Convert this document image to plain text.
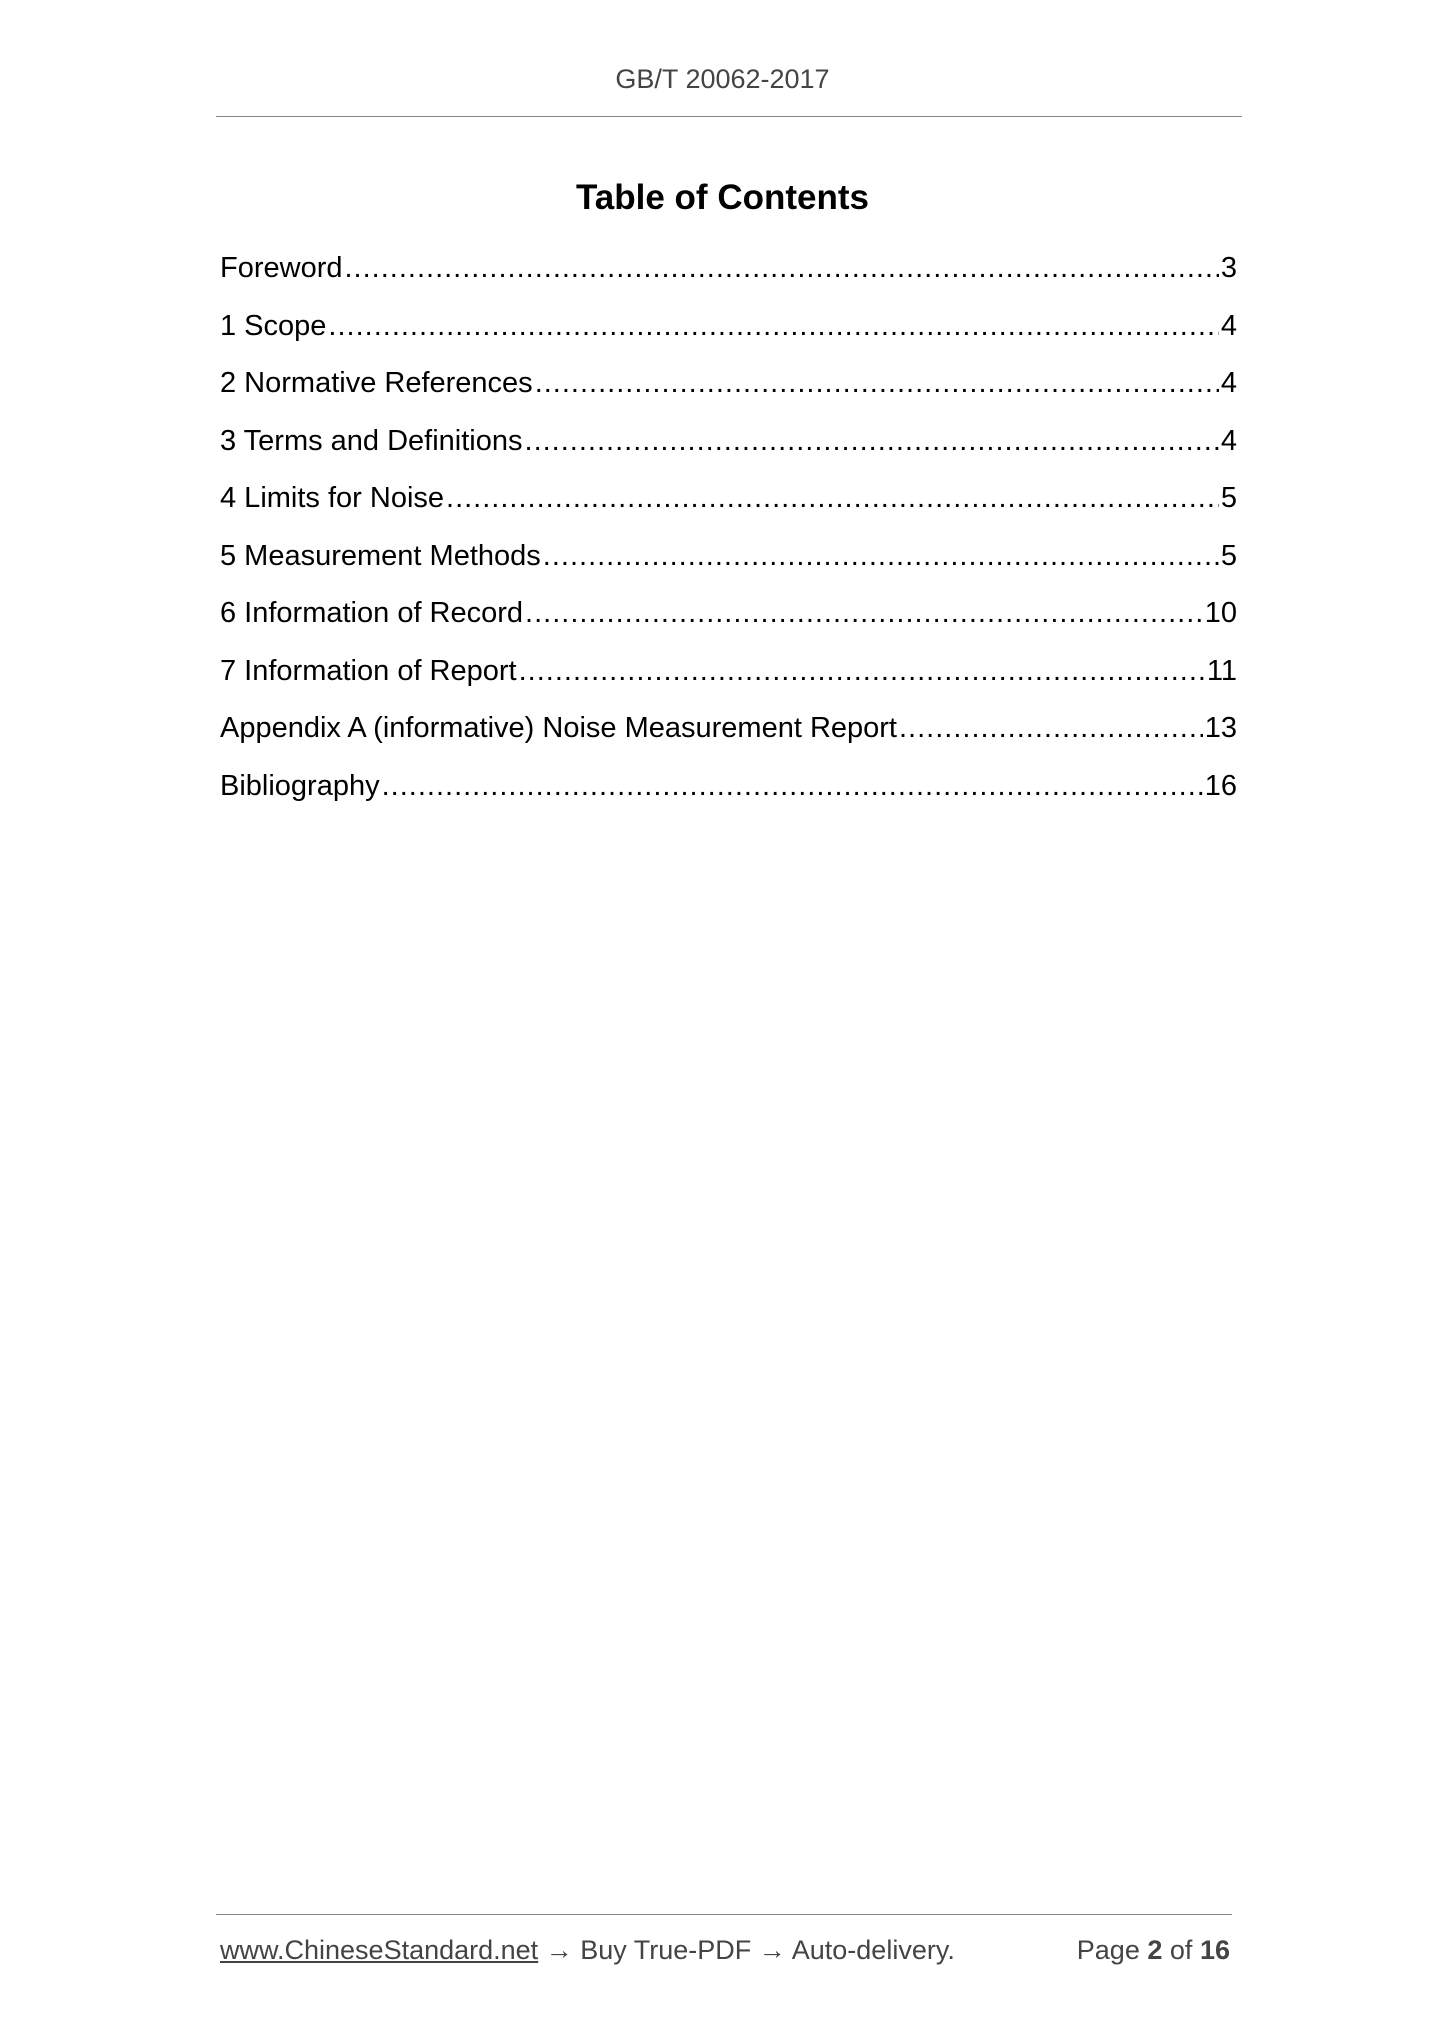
GB/T 20062-2017
Table of Contents
Foreword .....	3
1 Scope .....	4
2 Normative References .....	4
3 Terms and Definitions .....	4
4 Limits for Noise .....	5
5 Measurement Methods .....	5
6 Information of Record .....	10
7 Information of Report .....	11
Appendix A (informative) Noise Measurement Report .....	13
Bibliography .....	16
www.ChineseStandard.net → Buy True-PDF → Auto-delivery.	Page 2 of 16
